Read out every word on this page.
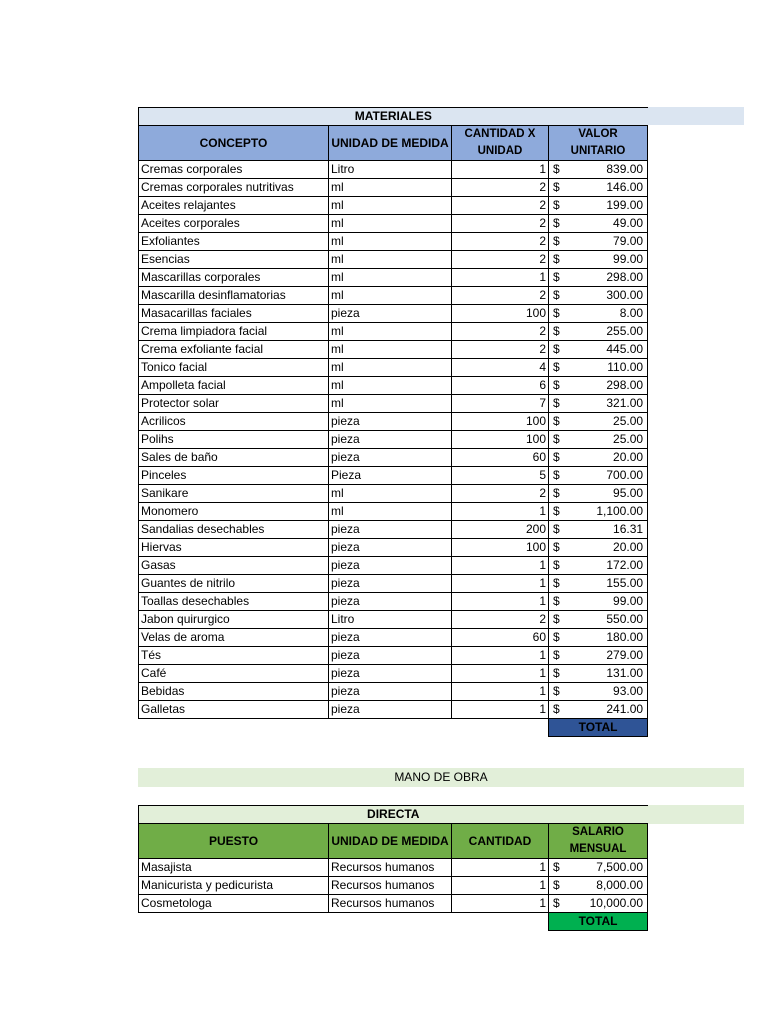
MATERIALES			
CONCEPTO	UNIDAD DE MEDIDA	CANTIDAD X UNIDAD	VALOR UNITARIO
Cremas corporales	Litro	1	$ 839.00

Cremas corporales nutritivas	ml	2	$ 146.00

Aceites relajantes	ml	2	$ 199.00

Aceites corporales	ml	2	$ 49.00

Exfoliantes	ml	2	$ 79.00

Esencias	ml	2	$ 99.00

Mascarillas corporales	ml	1	$ 298.00

Mascarilla desinflamatorias	ml	2	$ 300.00

Masacarillas faciales	pieza	100	$ 8.00

Crema limpiadora facial	ml	2	$ 255.00

Crema exfoliante facial	ml	2	$ 445.00

Tonico facial	ml	4	$ 110.00

Ampolleta facial	ml	6	$ 298.00

Protector solar	ml	7	$ 321.00

Acrilicos	pieza	100	$ 25.00

Polihs	pieza	100	$ 25.00

Sales de baño	pieza	60	$ 20.00

Pinceles	Pieza	5	$ 700.00

Sanikare	ml	2	$ 95.00

Monomero	ml	1	$ 1,100.00

Sandalias desechables	pieza	200	$ 16.31

Hiervas	pieza	100	$ 20.00

Gasas	pieza	1	$ 172.00

Guantes de nitrilo	pieza	1	$ 155.00

Toallas desechables	pieza	1	$ 99.00

Jabon quirurgico	Litro	2	$ 550.00

Velas de aroma	pieza	60	$ 180.00

Tés	pieza	1	$ 279.00

Café	pieza	1	$ 131.00

Bebidas	pieza	1	$ 93.00

Galletas	pieza	1	$ 241.00

			TOTAL
MANO DE OBRA
DIRECTA			
PUESTO	UNIDAD DE MEDIDA	CANTIDAD	SALARIO MENSUAL
Masajista	Recursos humanos	1	$ 7,500.00

Manicurista y pedicurista	Recursos humanos	1	$ 8,000.00

Cosmetologa	Recursos humanos	1	$ 10,000.00

			TOTAL
